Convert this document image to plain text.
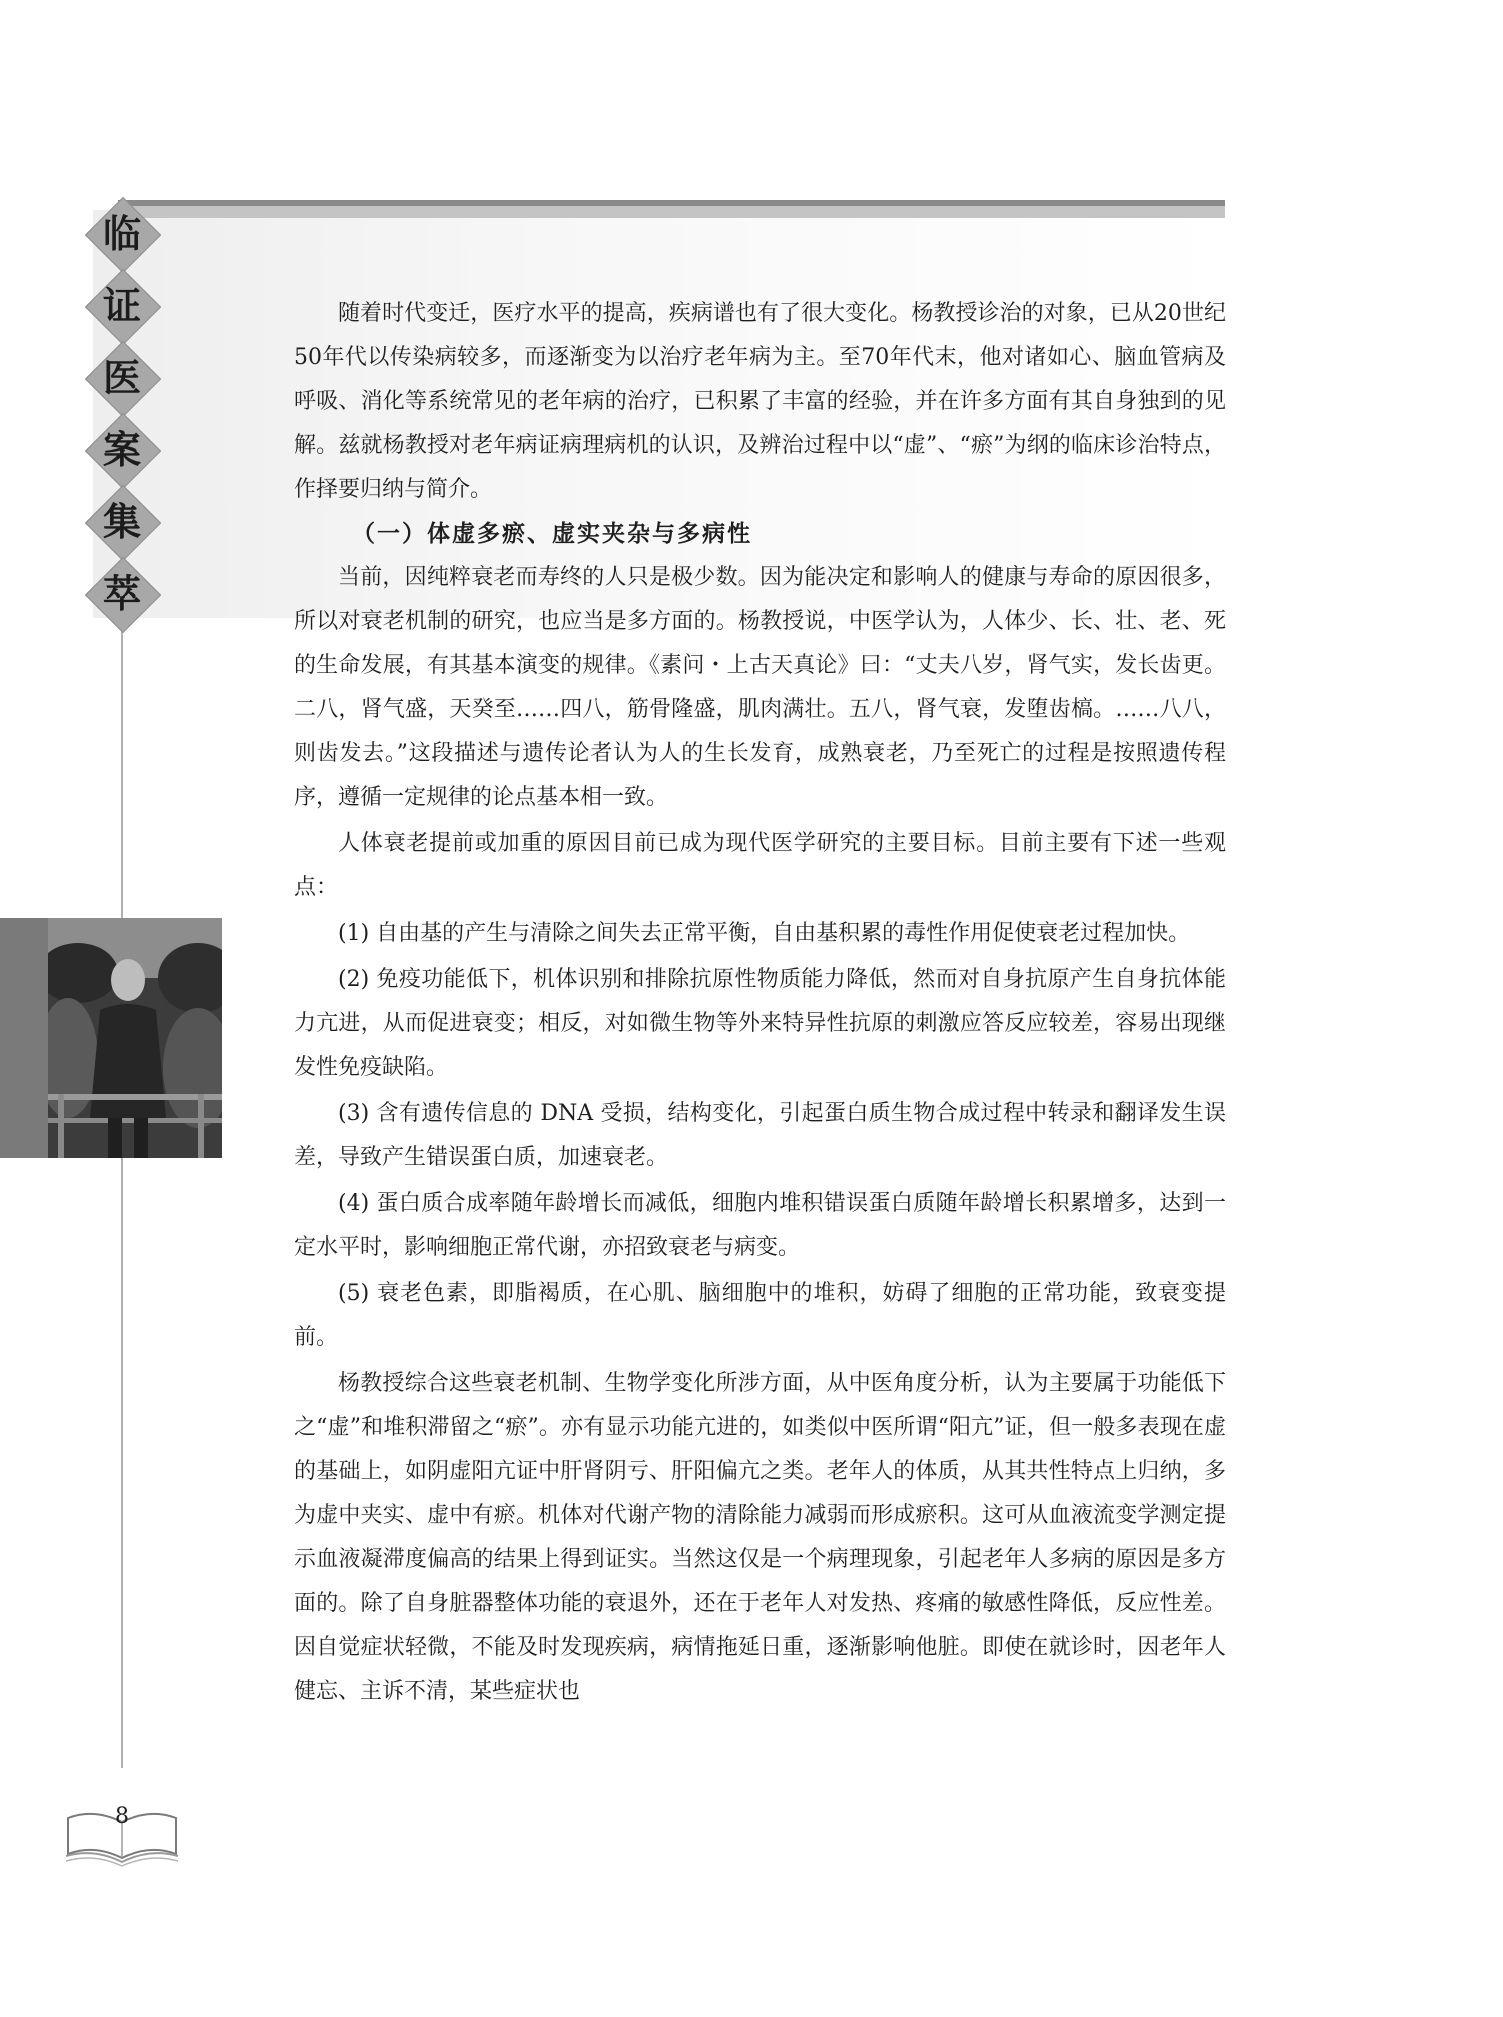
临
证
医
案
集
萃

随着时代变迁，医疗水平的提高，疾病谱也有了很大变化。杨教授诊治的对象，已从20世纪50年代以传染病较多，而逐渐变为以治疗老年病为主。至70年代末，他对诸如心、脑血管病及呼吸、消化等系统常见的老年病的治疗，已积累了丰富的经验，并在许多方面有其自身独到的见解。兹就杨教授对老年病证病理病机的认识，及辨治过程中以“虚”、“瘀”为纲的临床诊治特点，作择要归纳与简介。

（一）体虚多瘀、虚实夹杂与多病性

当前，因纯粹衰老而寿终的人只是极少数。因为能决定和影响人的健康与寿命的原因很多，所以对衰老机制的研究，也应当是多方面的。杨教授说，中医学认为，人体少、长、壮、老、死的生命发展，有其基本演变的规律。《素问・上古天真论》曰：“丈夫八岁，肾气实，发长齿更。二八，肾气盛，天癸至……四八，筋骨隆盛，肌肉满壮。五八，肾气衰，发堕齿槁。……八八，则齿发去。”这段描述与遗传论者认为人的生长发育，成熟衰老，乃至死亡的过程是按照遗传程序，遵循一定规律的论点基本相一致。

人体衰老提前或加重的原因目前已成为现代医学研究的主要目标。目前主要有下述一些观点：

(1) 自由基的产生与清除之间失去正常平衡，自由基积累的毒性作用促使衰老过程加快。

(2) 免疫功能低下，机体识别和排除抗原性物质能力降低，然而对自身抗原产生自身抗体能力亢进，从而促进衰变；相反，对如微生物等外来特异性抗原的刺激应答反应较差，容易出现继发性免疫缺陷。

(3) 含有遗传信息的 DNA 受损，结构变化，引起蛋白质生物合成过程中转录和翻译发生误差，导致产生错误蛋白质，加速衰老。

(4) 蛋白质合成率随年龄增长而减低，细胞内堆积错误蛋白质随年龄增长积累增多，达到一定水平时，影响细胞正常代谢，亦招致衰老与病变。

(5) 衰老色素，即脂褐质，在心肌、脑细胞中的堆积，妨碍了细胞的正常功能，致衰变提前。

杨教授综合这些衰老机制、生物学变化所涉方面，从中医角度分析，认为主要属于功能低下之“虚”和堆积滞留之“瘀”。亦有显示功能亢进的，如类似中医所谓“阳亢”证，但一般多表现在虚的基础上，如阴虚阳亢证中肝肾阴亏、肝阳偏亢之类。老年人的体质，从其共性特点上归纳，多为虚中夹实、虚中有瘀。机体对代谢产物的清除能力减弱而形成瘀积。这可从血液流变学测定提示血液凝滞度偏高的结果上得到证实。当然这仅是一个病理现象，引起老年人多病的原因是多方面的。除了自身脏器整体功能的衰退外，还在于老年人对发热、疼痛的敏感性降低，反应性差。因自觉症状轻微，不能及时发现疾病，病情拖延日重，逐渐影响他脏。即使在就诊时，因老年人健忘、主诉不清，某些症状也

8
